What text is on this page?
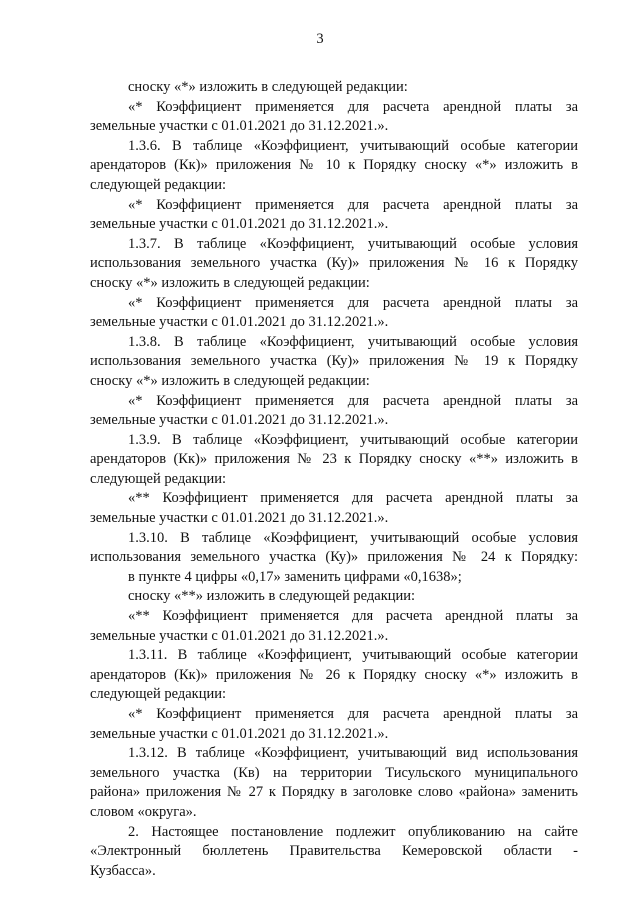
3
сноску «*» изложить в следующей редакции:
«* Коэффициент применяется для расчета арендной платы за
земельные участки с 01.01.2021 до 31.12.2021.».
1.3.6. В таблице «Коэффициент, учитывающий особые категории
арендаторов (Кк)» приложения № 10 к Порядку сноску «*» изложить в
следующей редакции:
«* Коэффициент применяется для расчета арендной платы за
земельные участки с 01.01.2021 до 31.12.2021.».
1.3.7. В таблице «Коэффициент, учитывающий особые условия
использования земельного участка (Ку)» приложения № 16 к Порядку
сноску «*» изложить в следующей редакции:
«* Коэффициент применяется для расчета арендной платы за
земельные участки с 01.01.2021 до 31.12.2021.».
1.3.8. В таблице «Коэффициент, учитывающий особые условия
использования земельного участка (Ку)» приложения № 19 к Порядку
сноску «*» изложить в следующей редакции:
«* Коэффициент применяется для расчета арендной платы за
земельные участки с 01.01.2021 до 31.12.2021.».
1.3.9. В таблице «Коэффициент, учитывающий особые категории
арендаторов (Кк)» приложения № 23 к Порядку сноску «**» изложить в
следующей редакции:
«** Коэффициент применяется для расчета арендной платы за
земельные участки с 01.01.2021 до 31.12.2021.».
1.3.10. В таблице «Коэффициент, учитывающий особые условия
использования земельного участка (Ку)» приложения № 24 к Порядку:
в пункте 4 цифры «0,17» заменить цифрами «0,1638»;
сноску «**» изложить в следующей редакции:
«** Коэффициент применяется для расчета арендной платы за
земельные участки с 01.01.2021 до 31.12.2021.».
1.3.11. В таблице «Коэффициент, учитывающий особые категории
арендаторов (Кк)» приложения № 26 к Порядку сноску «*» изложить в
следующей редакции:
«* Коэффициент применяется для расчета арендной платы за
земельные участки с 01.01.2021 до 31.12.2021.».
1.3.12. В таблице «Коэффициент, учитывающий вид использования
земельного участка (Кв) на территории Тисульского муниципального
района» приложения № 27 к Порядку в заголовке слово «района» заменить
словом «округа».
2. Настоящее постановление подлежит опубликованию на сайте
«Электронный бюллетень Правительства Кемеровской области -
Кузбасса».
